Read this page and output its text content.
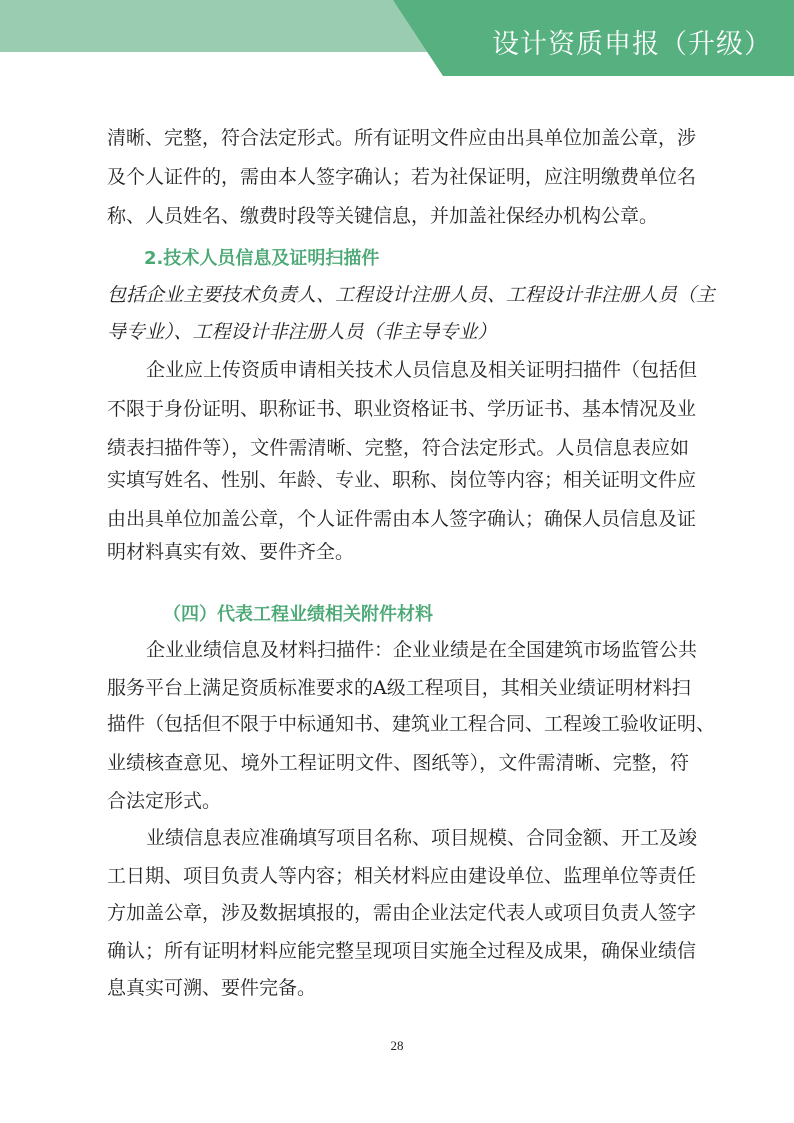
设计资质申报（升级）
清晰、完整，符合法定形式。所有证明文件应由出具单位加盖公章，涉
及个人证件的，需由本人签字确认；若为社保证明，应注明缴费单位名
称、人员姓名、缴费时段等关键信息，并加盖社保经办机构公章。
2.技术人员信息及证明扫描件
包括企业主要技术负责人、工程设计注册人员、工程设计非注册人员（主
导专业）、工程设计非注册人员（非主导专业）
企业应上传资质申请相关技术人员信息及相关证明扫描件（包括但
不限于身份证明、职称证书、职业资格证书、学历证书、基本情况及业
绩表扫描件等），文件需清晰、完整，符合法定形式。人员信息表应如
实填写姓名、性别、年龄、专业、职称、岗位等内容；相关证明文件应
由出具单位加盖公章，个人证件需由本人签字确认；确保人员信息及证
明材料真实有效、要件齐全。
（四）代表工程业绩相关附件材料
企业业绩信息及材料扫描件：企业业绩是在全国建筑市场监管公共
服务平台上满足资质标准要求的A级工程项目，其相关业绩证明材料扫
描件（包括但不限于中标通知书、建筑业工程合同、工程竣工验收证明、
业绩核查意见、境外工程证明文件、图纸等），文件需清晰、完整，符
合法定形式。
业绩信息表应准确填写项目名称、项目规模、合同金额、开工及竣
工日期、项目负责人等内容；相关材料应由建设单位、监理单位等责任
方加盖公章，涉及数据填报的，需由企业法定代表人或项目负责人签字
确认；所有证明材料应能完整呈现项目实施全过程及成果，确保业绩信
息真实可溯、要件完备。
28
